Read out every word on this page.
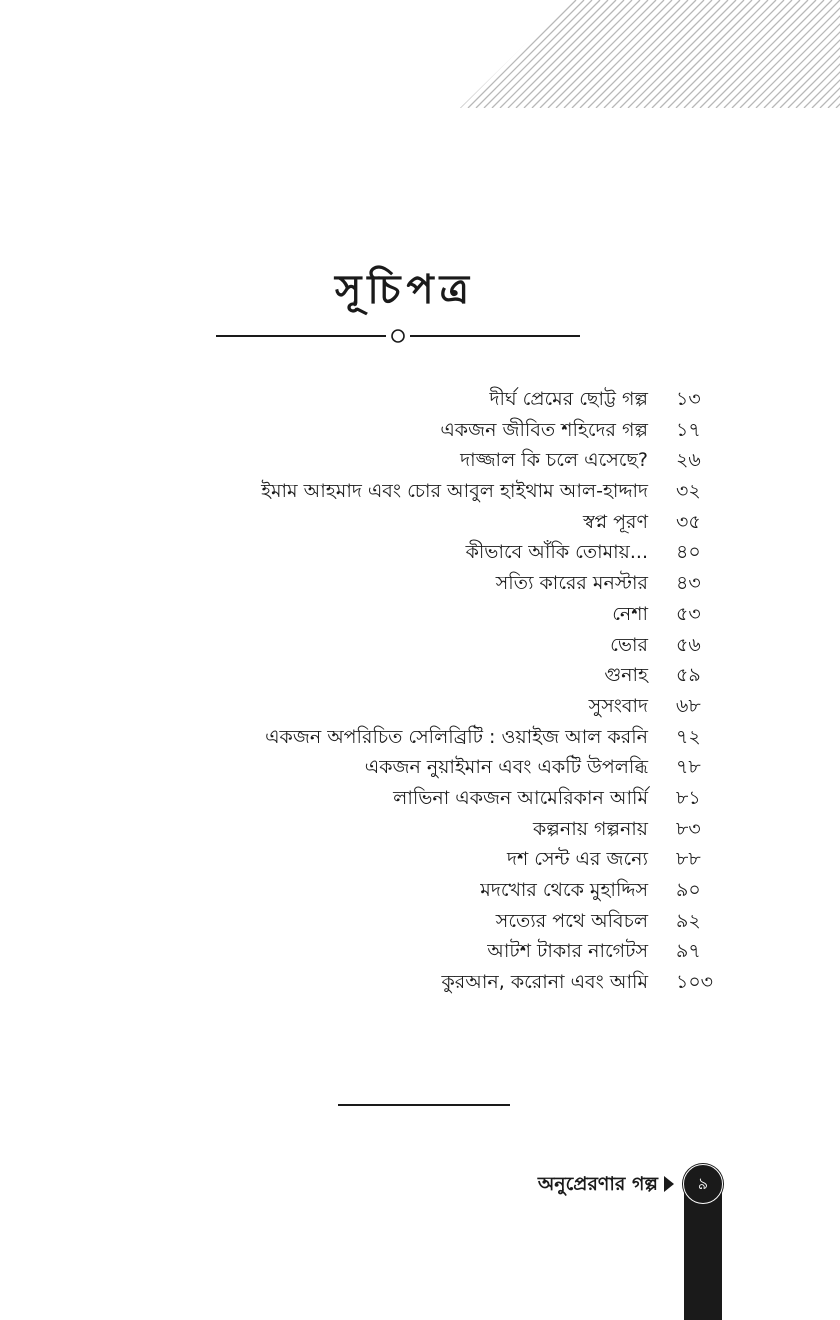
সূচিপত্র
দীর্ঘ প্রেমের ছোট্ট গল্প ১৩
একজন জীবিত শহিদের গল্প ১৭
দাজ্জাল কি চলে এসেছে? ২৬
ইমাম আহমাদ এবং চোর আবুল হাইথাম আল-হাদ্দাদ ৩২
স্বপ্ন পূরণ ৩৫
কীভাবে আঁকি তোমায়... ৪০
সত্যি কারের মনস্টার ৪৩
নেশা ৫৩
ভোর ৫৬
গুনাহ ৫৯
সুসংবাদ ৬৮
একজন অপরিচিত সেলিব্রিটি : ওয়াইজ আল করনি ৭২
একজন নুয়াইমান এবং একটি উপলব্ধি ৭৮
লাভিনা একজন আমেরিকান আর্মি ৮১
কল্পনায় গল্পনায় ৮৩
দশ সেন্ট এর জন্যে ৮৮
মদখোর থেকে মুহাদ্দিস ৯০
সত্যের পথে অবিচল ৯২
আটশ টাকার নাগেটস ৯৭
কুরআন, করোনা এবং আমি ১০৩
অনুপ্রেরণার গল্প	৯
